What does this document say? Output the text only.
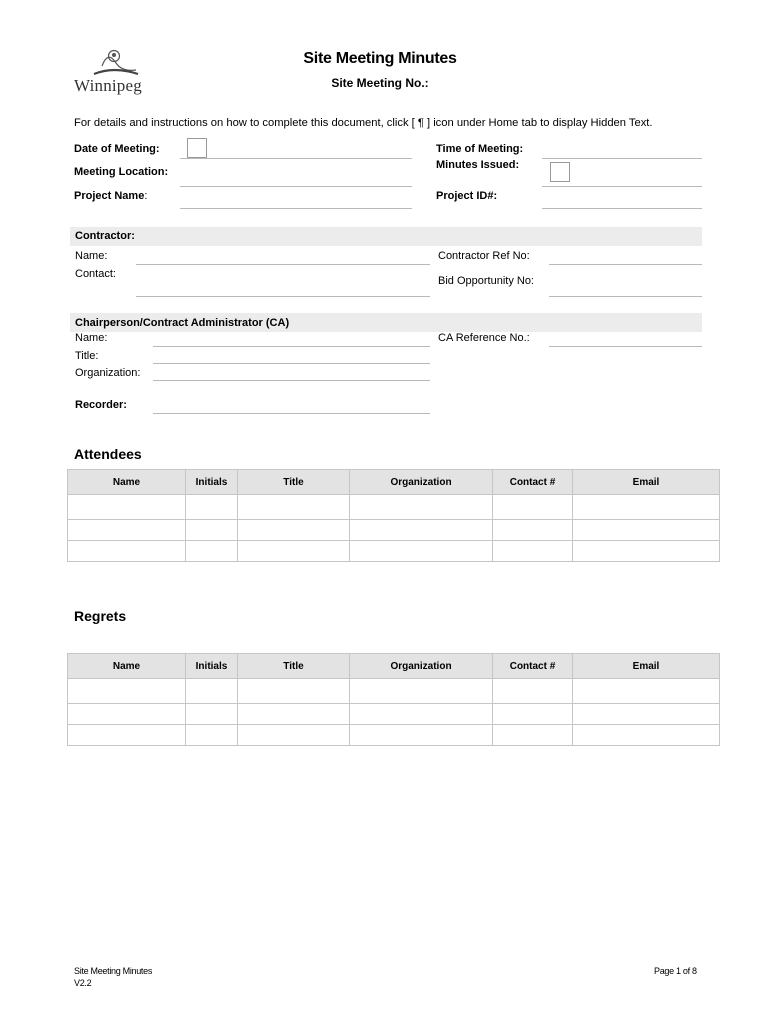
Winnipeg
Site Meeting Minutes
Site Meeting No.:
For details and instructions on how to complete this document, click [ ¶ ] icon under Home tab to display Hidden Text.
Date of Meeting:	Time of Meeting:
Minutes Issued:
Meeting Location:
Project Name:	Project ID#:
Contractor:
Name:	Contractor Ref No:
Contact:
Bid Opportunity No:
Chairperson/Contract Administrator (CA)
Name:	CA Reference No.:
Title:
Organization:
Recorder:
Attendees
Name	Initials	Title	Organization	Contact #	Email

Regrets
Name	Initials	Title	Organization	Contact #	Email

Site Meeting Minutes
V2.2
Page 1 of 8
